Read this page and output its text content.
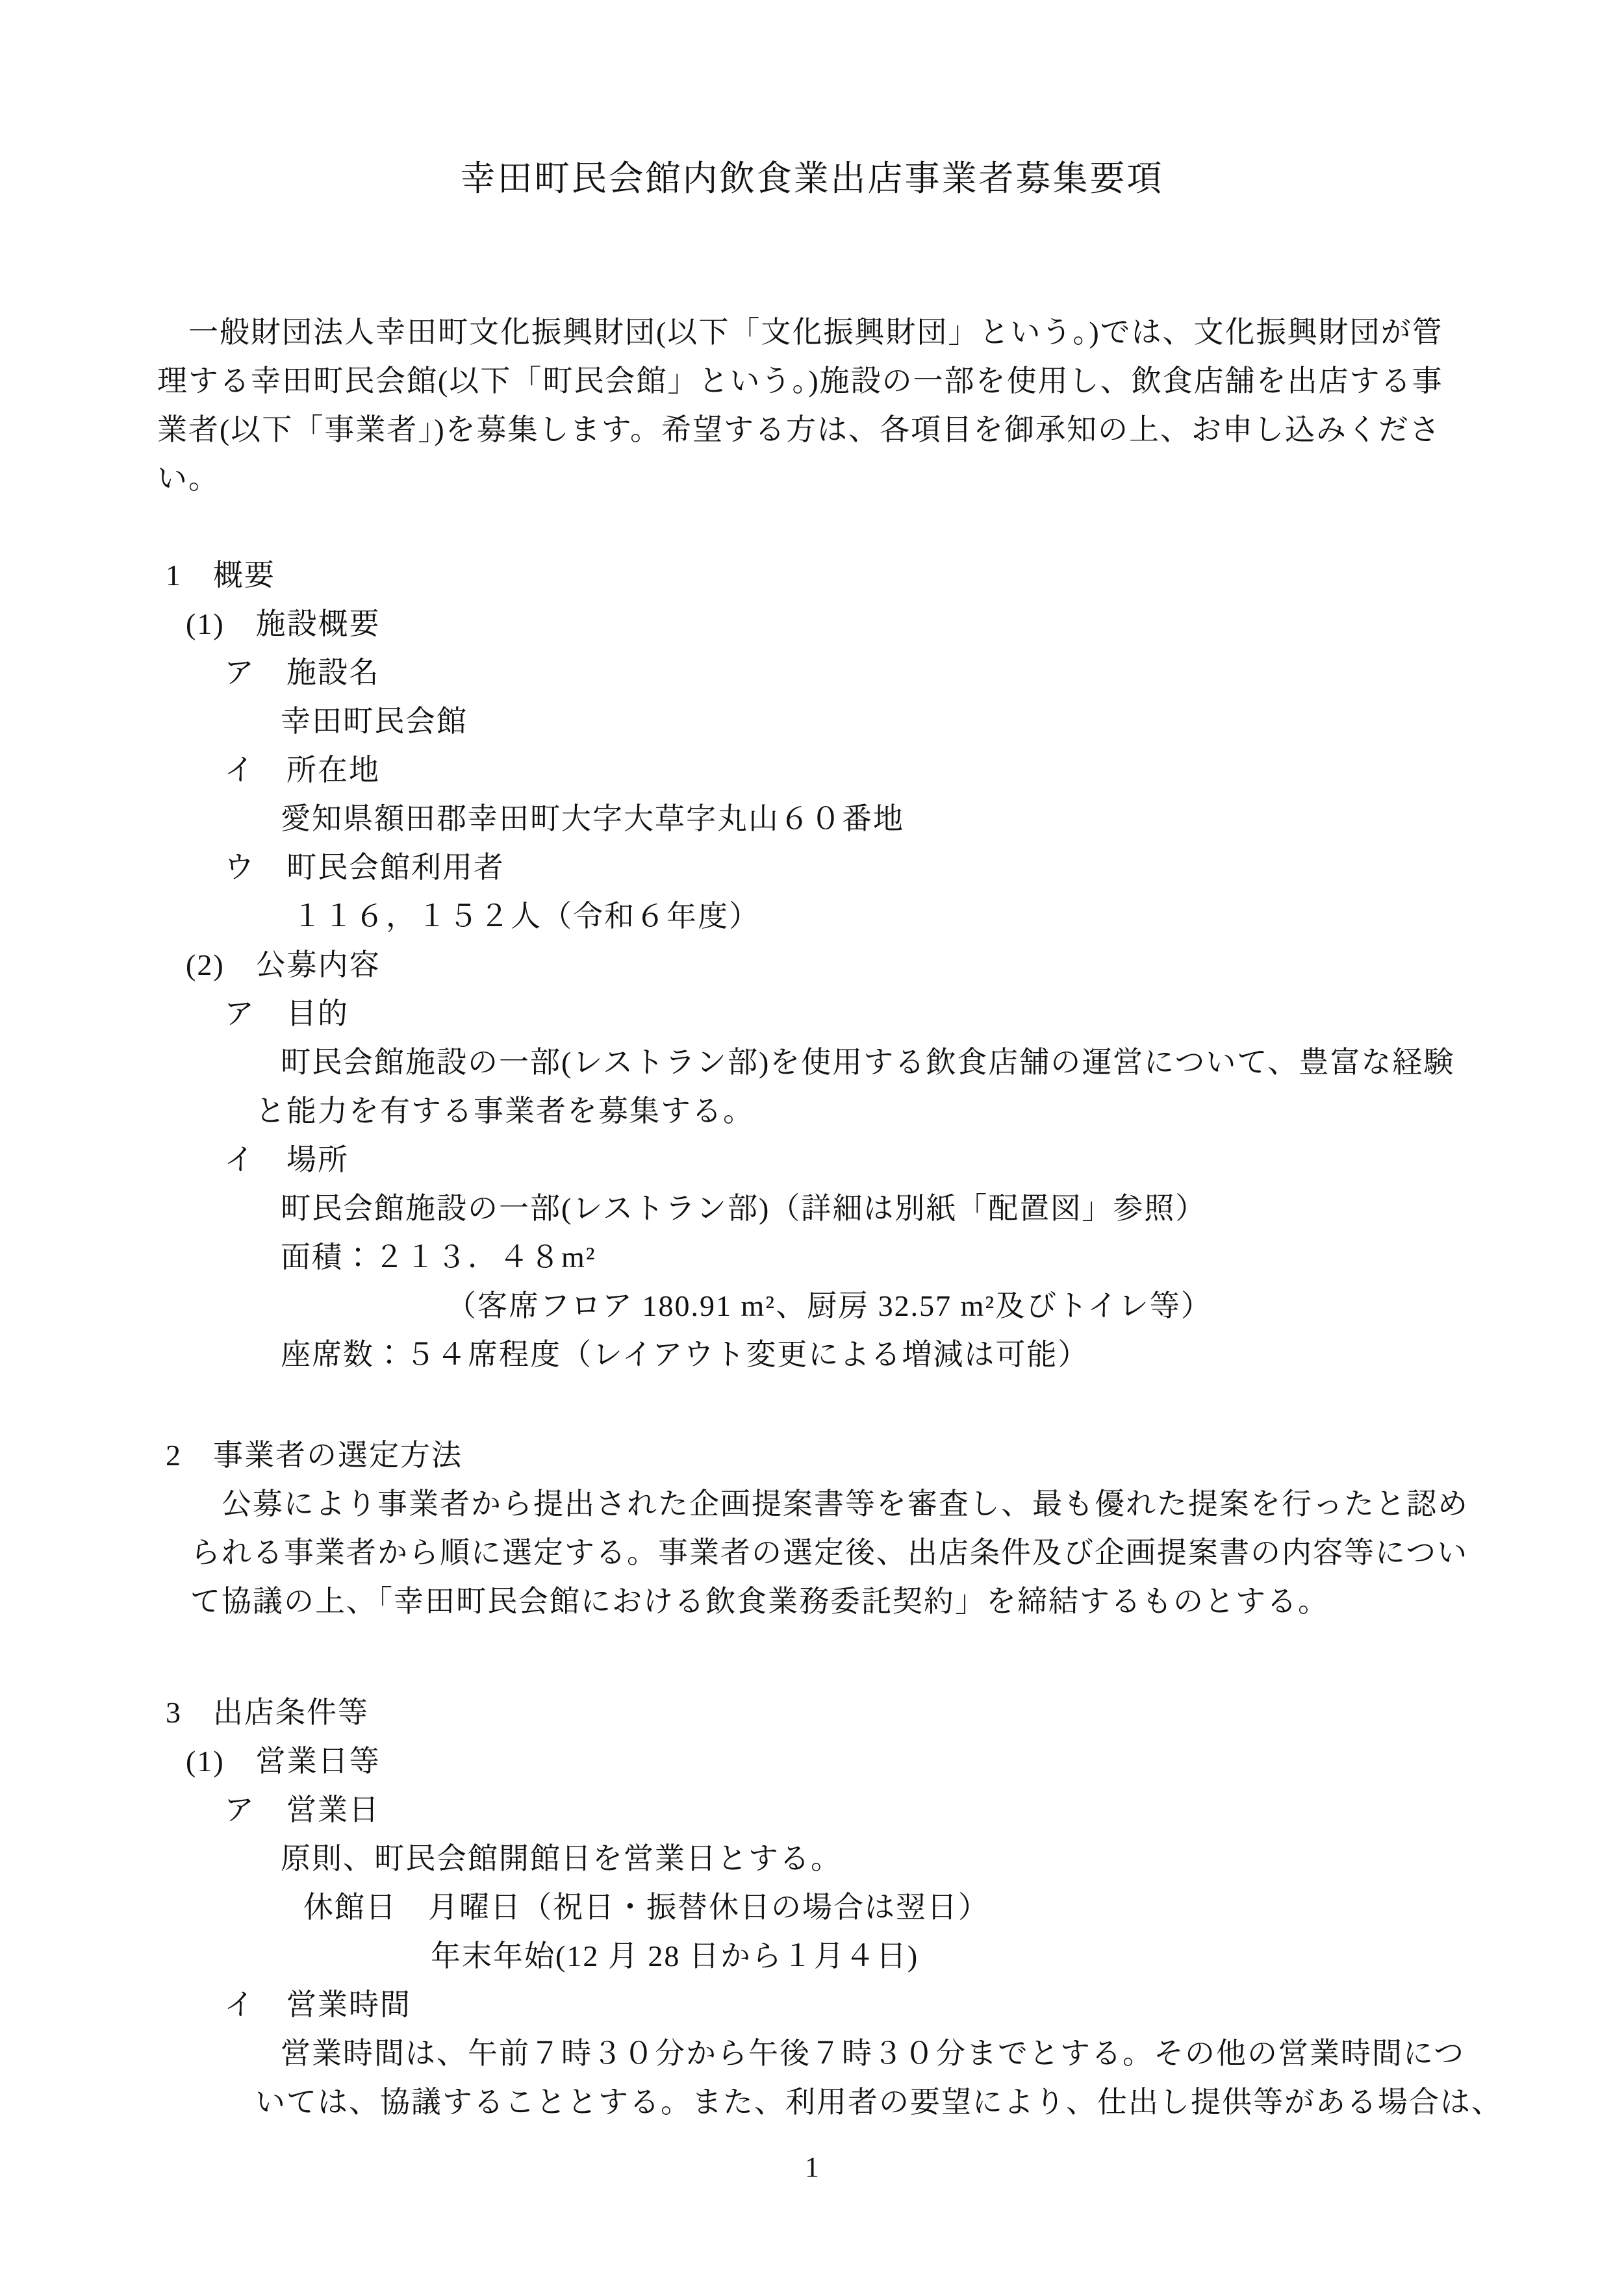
幸田町民会館内飲食業出店事業者募集要項
　一般財団法人幸田町文化振興財団(以下「文化振興財団」という。)では、文化振興財団が管
理する幸田町民会館(以下「町民会館」という。)施設の一部を使用し、飲食店舗を出店する事
業者(以下「事業者」)を募集します。希望する方は、各項目を御承知の上、お申し込みくださ
い。
1　概要
(1)　施設概要
ア　施設名
幸田町民会館
イ　所在地
愛知県額田郡幸田町大字大草字丸山６０番地
ウ　町民会館利用者
１１６，１５２人（令和６年度）
(2)　公募内容
ア　目的
町民会館施設の一部(レストラン部)を使用する飲食店舗の運営について、豊富な経験
と能力を有する事業者を募集する。
イ　場所
町民会館施設の一部(レストラン部)（詳細は別紙「配置図」参照）
面積：２１３．４８m²
（客席フロア 180.91 m²、厨房 32.57 m²及びトイレ等）
座席数：５４席程度（レイアウト変更による増減は可能）
2　事業者の選定方法
　公募により事業者から提出された企画提案書等を審査し、最も優れた提案を行ったと認め
られる事業者から順に選定する。事業者の選定後、出店条件及び企画提案書の内容等につい
て協議の上、「幸田町民会館における飲食業務委託契約」を締結するものとする。
3　出店条件等
(1)　営業日等
ア　営業日
原則、町民会館開館日を営業日とする。
休館日　月曜日（祝日・振替休日の場合は翌日）
年末年始(12 月 28 日から１月４日)
イ　営業時間
営業時間は、午前７時３０分から午後７時３０分までとする。その他の営業時間につ
いては、協議することとする。また、利用者の要望により、仕出し提供等がある場合は、
1
